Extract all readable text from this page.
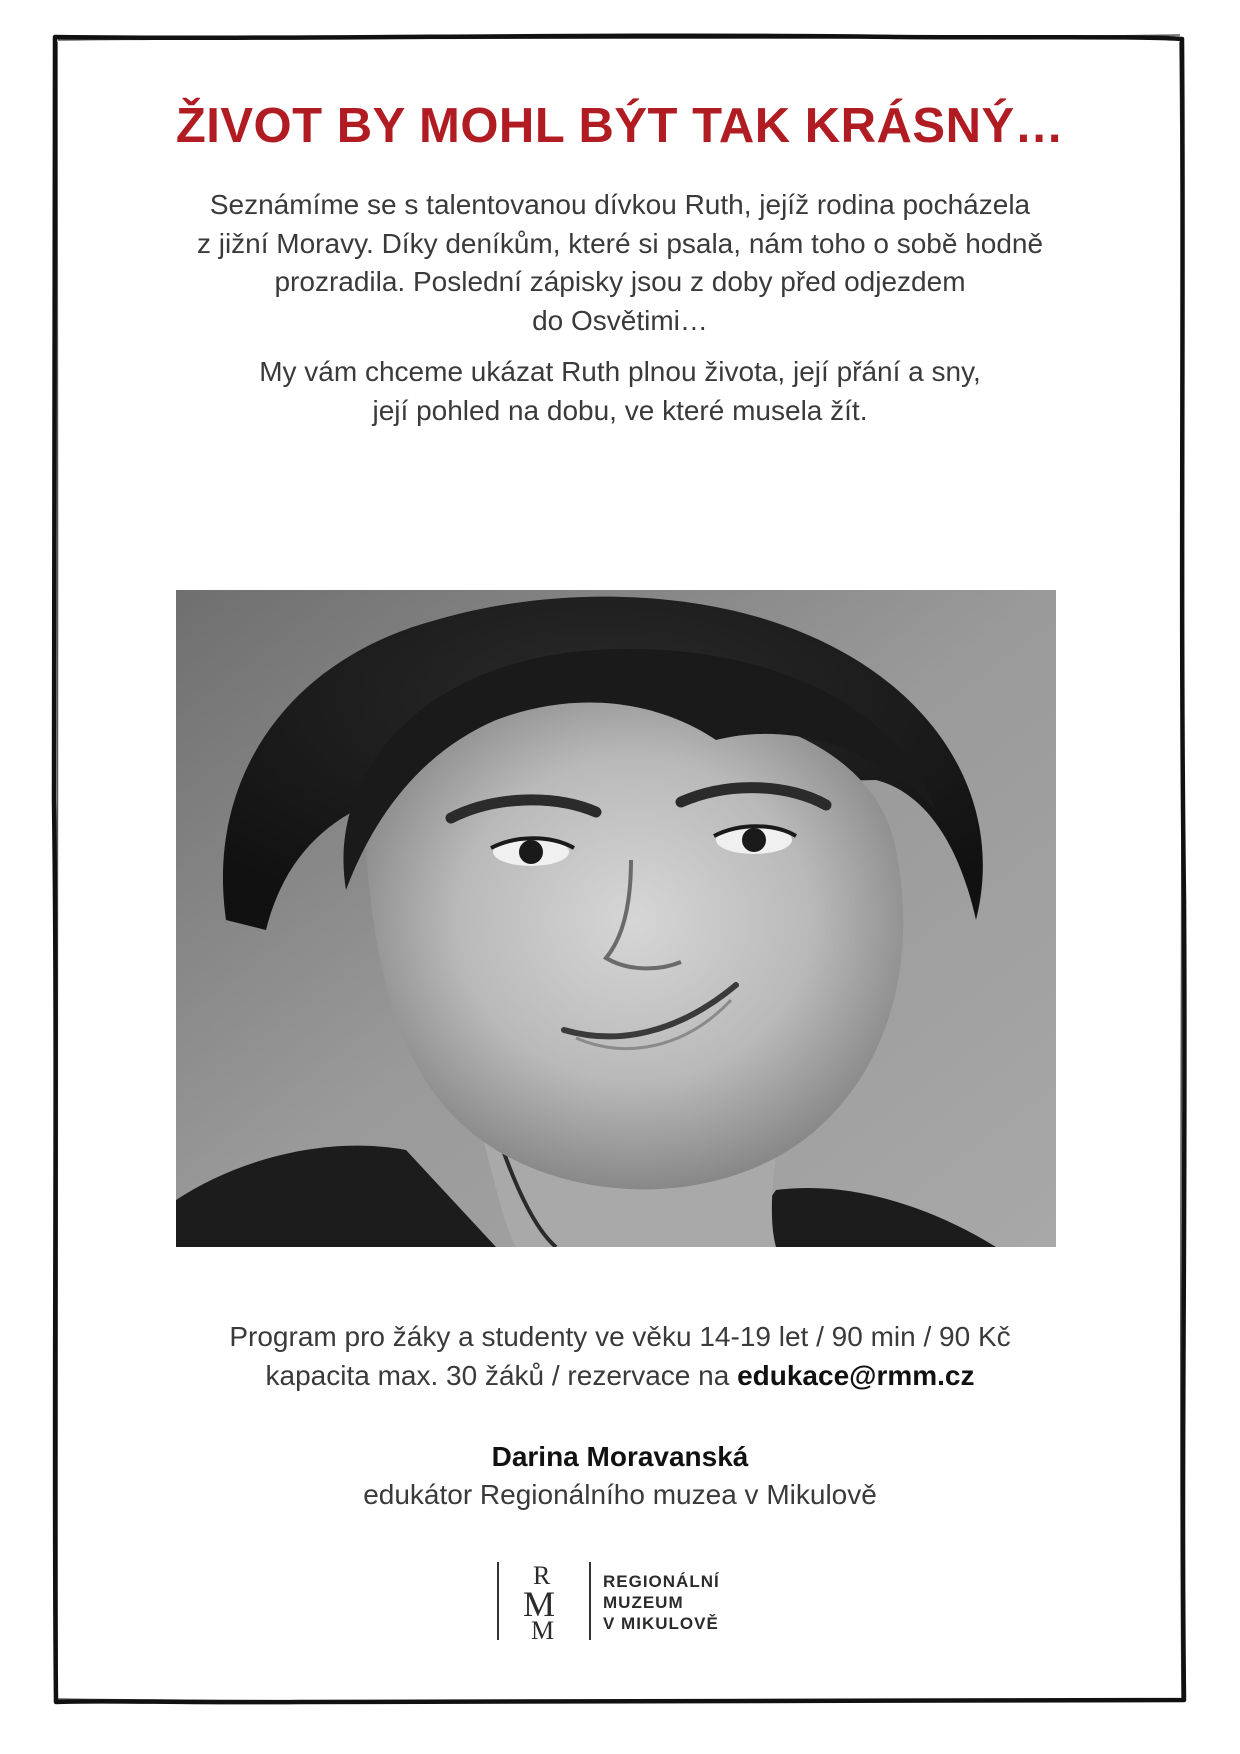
ŽIVOT BY MOHL BÝT TAK KRÁSNÝ…

Seznámíme se s talentovanou dívkou Ruth, jejíž rodina pocházela
z jižní Moravy. Díky deníkům, které si psala, nám toho o sobě hodně
prozradila. Poslední zápisky jsou z doby před odjezdem
do Osvětimi…

My vám chceme ukázat Ruth plnou života, její přání a sny,
její pohled na dobu, ve které musela žít.

Program pro žáky a studenty ve věku 14-19 let / 90 min / 90 Kč
kapacita max. 30 žáků / rezervace na edukace@rmm.cz
Darina Moravanská
edukátor Regionálního muzea v Mikulově
R
M
M
REGIONÁLNÍ
MUZEUM
V MIKULOVĚ
